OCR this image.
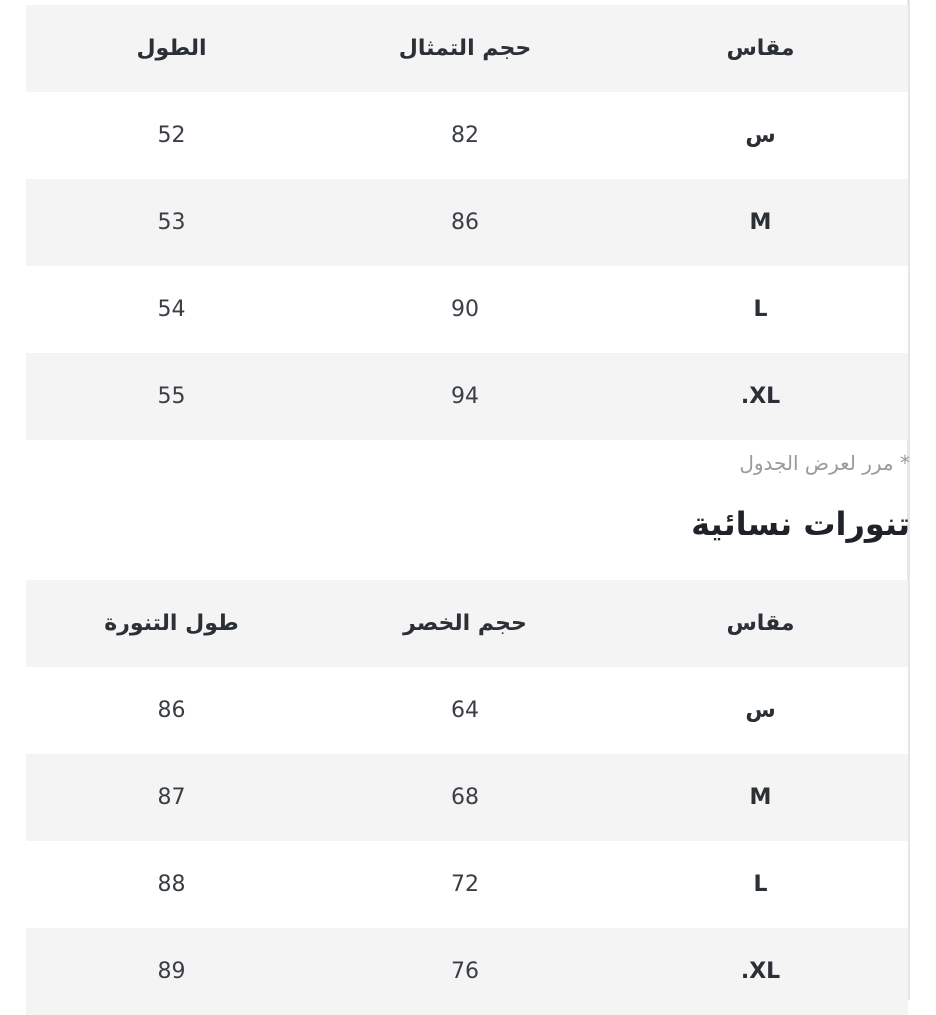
مقاس	حجم التمثال	الطول
س	82	52
M	86	53
L	90	54
XL.	94	55
* مرر لعرض الجدول
تنورات نسائية
مقاس	حجم الخصر	طول التنورة
س	64	86
M	68	87
L	72	88
XL.	76	89
